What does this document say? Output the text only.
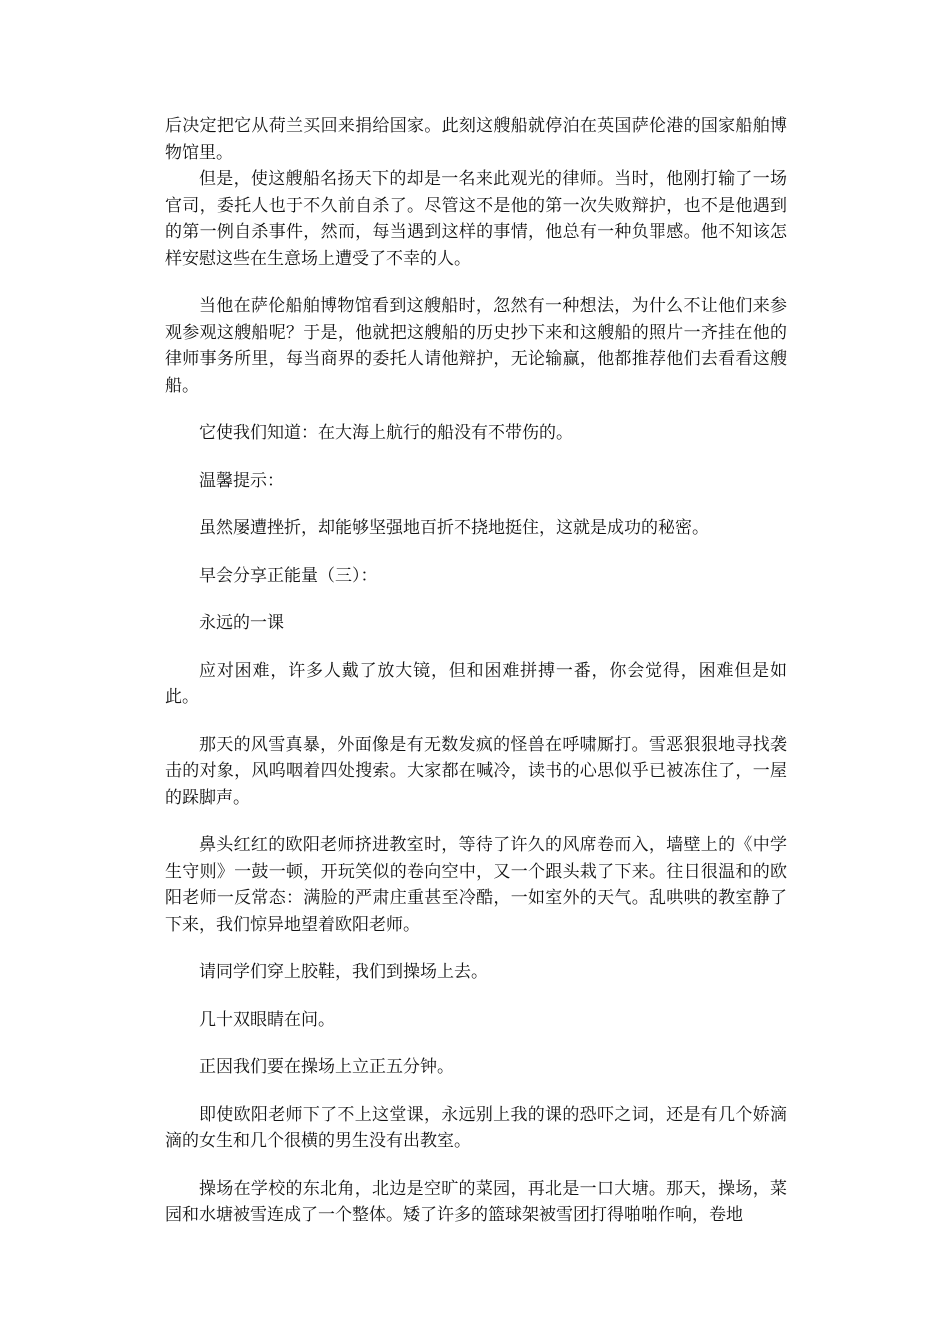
后决定把它从荷兰买回来捐给国家。此刻这艘船就停泊在英国萨伦港的国家船舶博物馆里。

但是，使这艘船名扬天下的却是一名来此观光的律师。当时，他刚打输了一场官司，委托人也于不久前自杀了。尽管这不是他的第一次失败辩护，也不是他遇到的第一例自杀事件，然而，每当遇到这样的事情，他总有一种负罪感。他不知该怎样安慰这些在生意场上遭受了不幸的人。

当他在萨伦船舶博物馆看到这艘船时，忽然有一种想法，为什么不让他们来参观参观这艘船呢？于是，他就把这艘船的历史抄下来和这艘船的照片一齐挂在他的律师事务所里，每当商界的委托人请他辩护，无论输赢，他都推荐他们去看看这艘船。

它使我们知道：在大海上航行的船没有不带伤的。

温馨提示：

虽然屡遭挫折，却能够坚强地百折不挠地挺住，这就是成功的秘密。

早会分享正能量（三）：

永远的一课

应对困难，许多人戴了放大镜，但和困难拼搏一番，你会觉得，困难但是如此。

那天的风雪真暴，外面像是有无数发疯的怪兽在呼啸厮打。雪恶狠狠地寻找袭击的对象，风呜咽着四处搜索。大家都在喊冷，读书的心思似乎已被冻住了，一屋的跺脚声。

鼻头红红的欧阳老师挤进教室时，等待了许久的风席卷而入，墙壁上的《中学生守则》一鼓一顿，开玩笑似的卷向空中，又一个跟头栽了下来。往日很温和的欧阳老师一反常态：满脸的严肃庄重甚至冷酷，一如室外的天气。乱哄哄的教室静了下来，我们惊异地望着欧阳老师。

请同学们穿上胶鞋，我们到操场上去。

几十双眼睛在问。

正因我们要在操场上立正五分钟。

即使欧阳老师下了不上这堂课，永远别上我的课的恐吓之词，还是有几个娇滴滴的女生和几个很横的男生没有出教室。

操场在学校的东北角，北边是空旷的菜园，再北是一口大塘。那天，操场，菜园和水塘被雪连成了一个整体。矮了许多的篮球架被雪团打得啪啪作响，卷地
